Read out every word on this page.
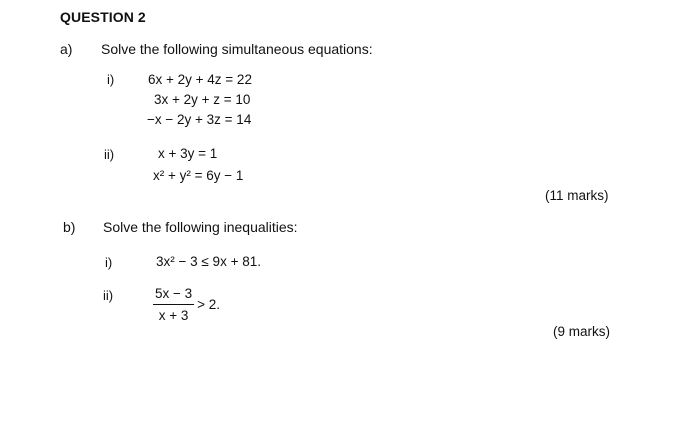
QUESTION 2
a) Solve the following simultaneous equations:
i)	6x + 2y + 4z = 22
3x + 2y + z = 10
−x − 2y + 3z = 14
ii)	x + 3y = 1
x² + y² = 6y − 1
(11 marks)
b) Solve the following inequalities:
i)	3x² − 3 ≤ 9x + 81.
ii)	$\frac{5x - 3}{x + 3} > 2$.
(9 marks)
